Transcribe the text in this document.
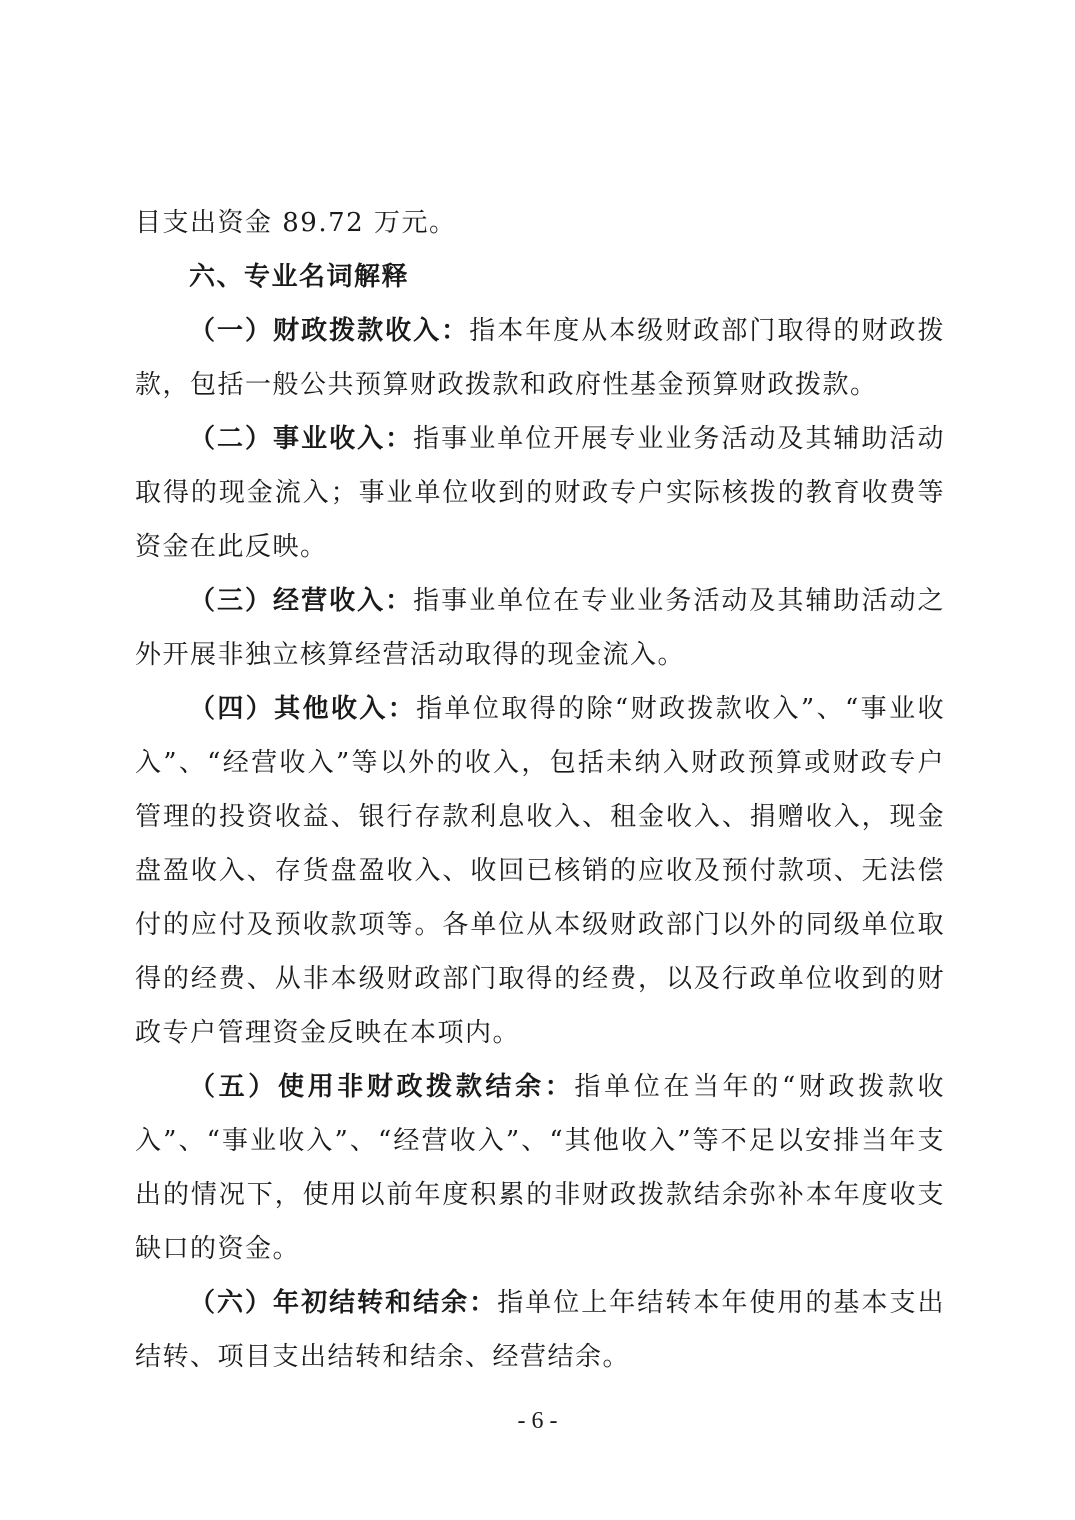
目支出资金 89.72 万元。

六、专业名词解释

（一）财政拨款收入：指本年度从本级财政部门取得的财政拨款，包括一般公共预算财政拨款和政府性基金预算财政拨款。

（二）事业收入：指事业单位开展专业业务活动及其辅助活动取得的现金流入；事业单位收到的财政专户实际核拨的教育收费等资金在此反映。

（三）经营收入：指事业单位在专业业务活动及其辅助活动之外开展非独立核算经营活动取得的现金流入。

（四）其他收入：指单位取得的除“财政拨款收入”、“事业收入”、“经营收入”等以外的收入，包括未纳入财政预算或财政专户管理的投资收益、银行存款利息收入、租金收入、捐赠收入，现金盘盈收入、存货盘盈收入、收回已核销的应收及预付款项、无法偿付的应付及预收款项等。各单位从本级财政部门以外的同级单位取得的经费、从非本级财政部门取得的经费，以及行政单位收到的财政专户管理资金反映在本项内。

（五）使用非财政拨款结余：指单位在当年的“财政拨款收入”、“事业收入”、“经营收入”、“其他收入”等不足以安排当年支出的情况下，使用以前年度积累的非财政拨款结余弥补本年度收支缺口的资金。

（六）年初结转和结余：指单位上年结转本年使用的基本支出结转、项目支出结转和结余、经营结余。

- 6 -
